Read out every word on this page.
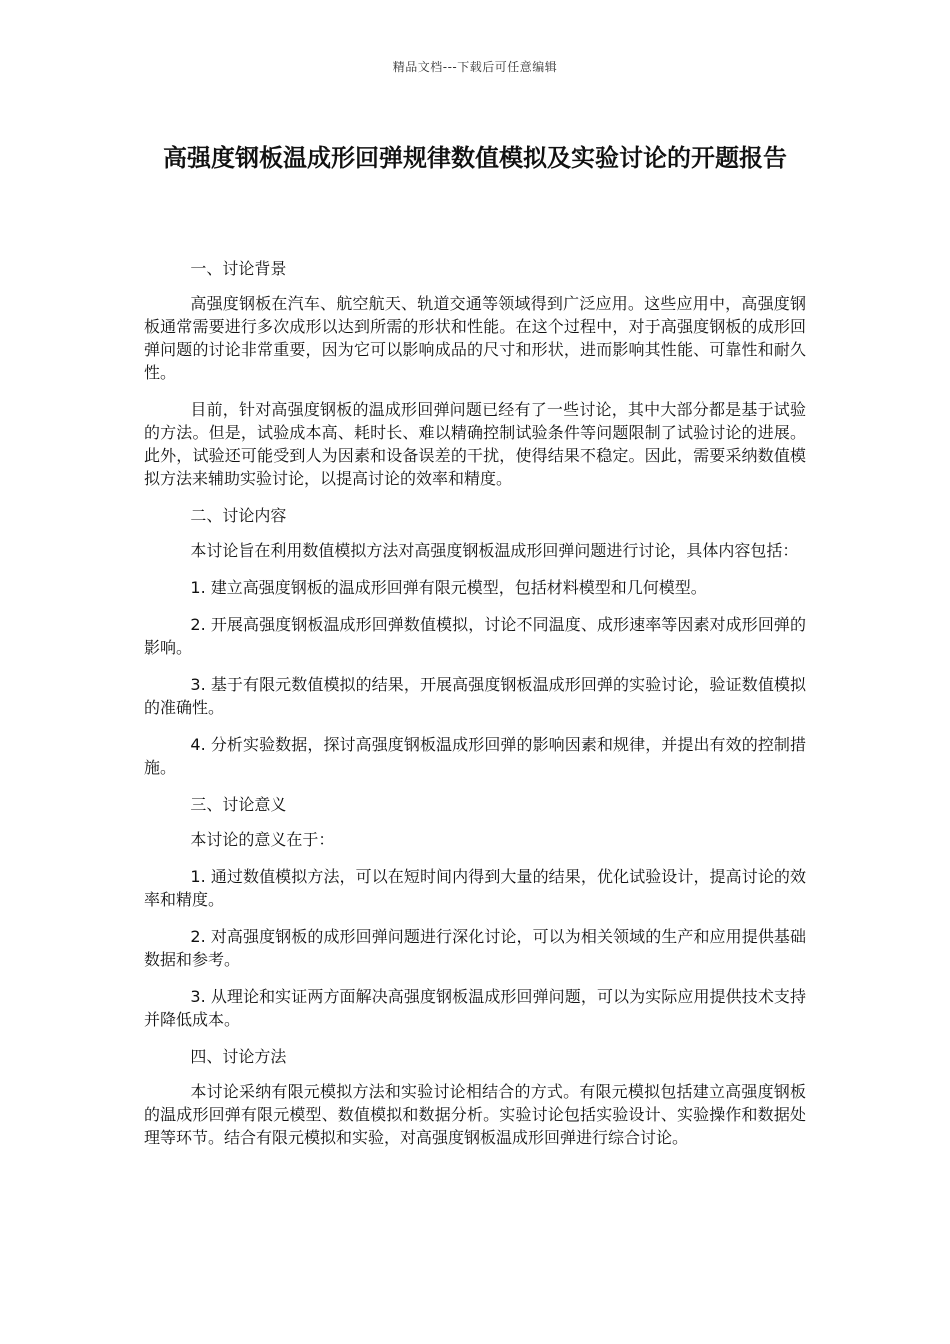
精品文档---下载后可任意编辑
高强度钢板温成形回弹规律数值模拟及实验讨论的开题报告

一、讨论背景

高强度钢板在汽车、航空航天、轨道交通等领域得到广泛应用。这些应用中，高强度钢板通常需要进行多次成形以达到所需的形状和性能。在这个过程中，对于高强度钢板的成形回弹问题的讨论非常重要，因为它可以影响成品的尺寸和形状，进而影响其性能、可靠性和耐久性。

目前，针对高强度钢板的温成形回弹问题已经有了一些讨论，其中大部分都是基于试验的方法。但是，试验成本高、耗时长、难以精确控制试验条件等问题限制了试验讨论的进展。此外，试验还可能受到人为因素和设备误差的干扰，使得结果不稳定。因此，需要采纳数值模拟方法来辅助实验讨论，以提高讨论的效率和精度。

二、讨论内容

本讨论旨在利用数值模拟方法对高强度钢板温成形回弹问题进行讨论，具体内容包括：

1. 建立高强度钢板的温成形回弹有限元模型，包括材料模型和几何模型。

2. 开展高强度钢板温成形回弹数值模拟，讨论不同温度、成形速率等因素对成形回弹的影响。

3. 基于有限元数值模拟的结果，开展高强度钢板温成形回弹的实验讨论，验证数值模拟的准确性。

4. 分析实验数据，探讨高强度钢板温成形回弹的影响因素和规律，并提出有效的控制措施。

三、讨论意义

本讨论的意义在于：

1. 通过数值模拟方法，可以在短时间内得到大量的结果，优化试验设计，提高讨论的效率和精度。

2. 对高强度钢板的成形回弹问题进行深化讨论，可以为相关领域的生产和应用提供基础数据和参考。

3. 从理论和实证两方面解决高强度钢板温成形回弹问题，可以为实际应用提供技术支持并降低成本。

四、讨论方法

本讨论采纳有限元模拟方法和实验讨论相结合的方式。有限元模拟包括建立高强度钢板的温成形回弹有限元模型、数值模拟和数据分析。实验讨论包括实验设计、实验操作和数据处理等环节。结合有限元模拟和实验，对高强度钢板温成形回弹进行综合讨论。
